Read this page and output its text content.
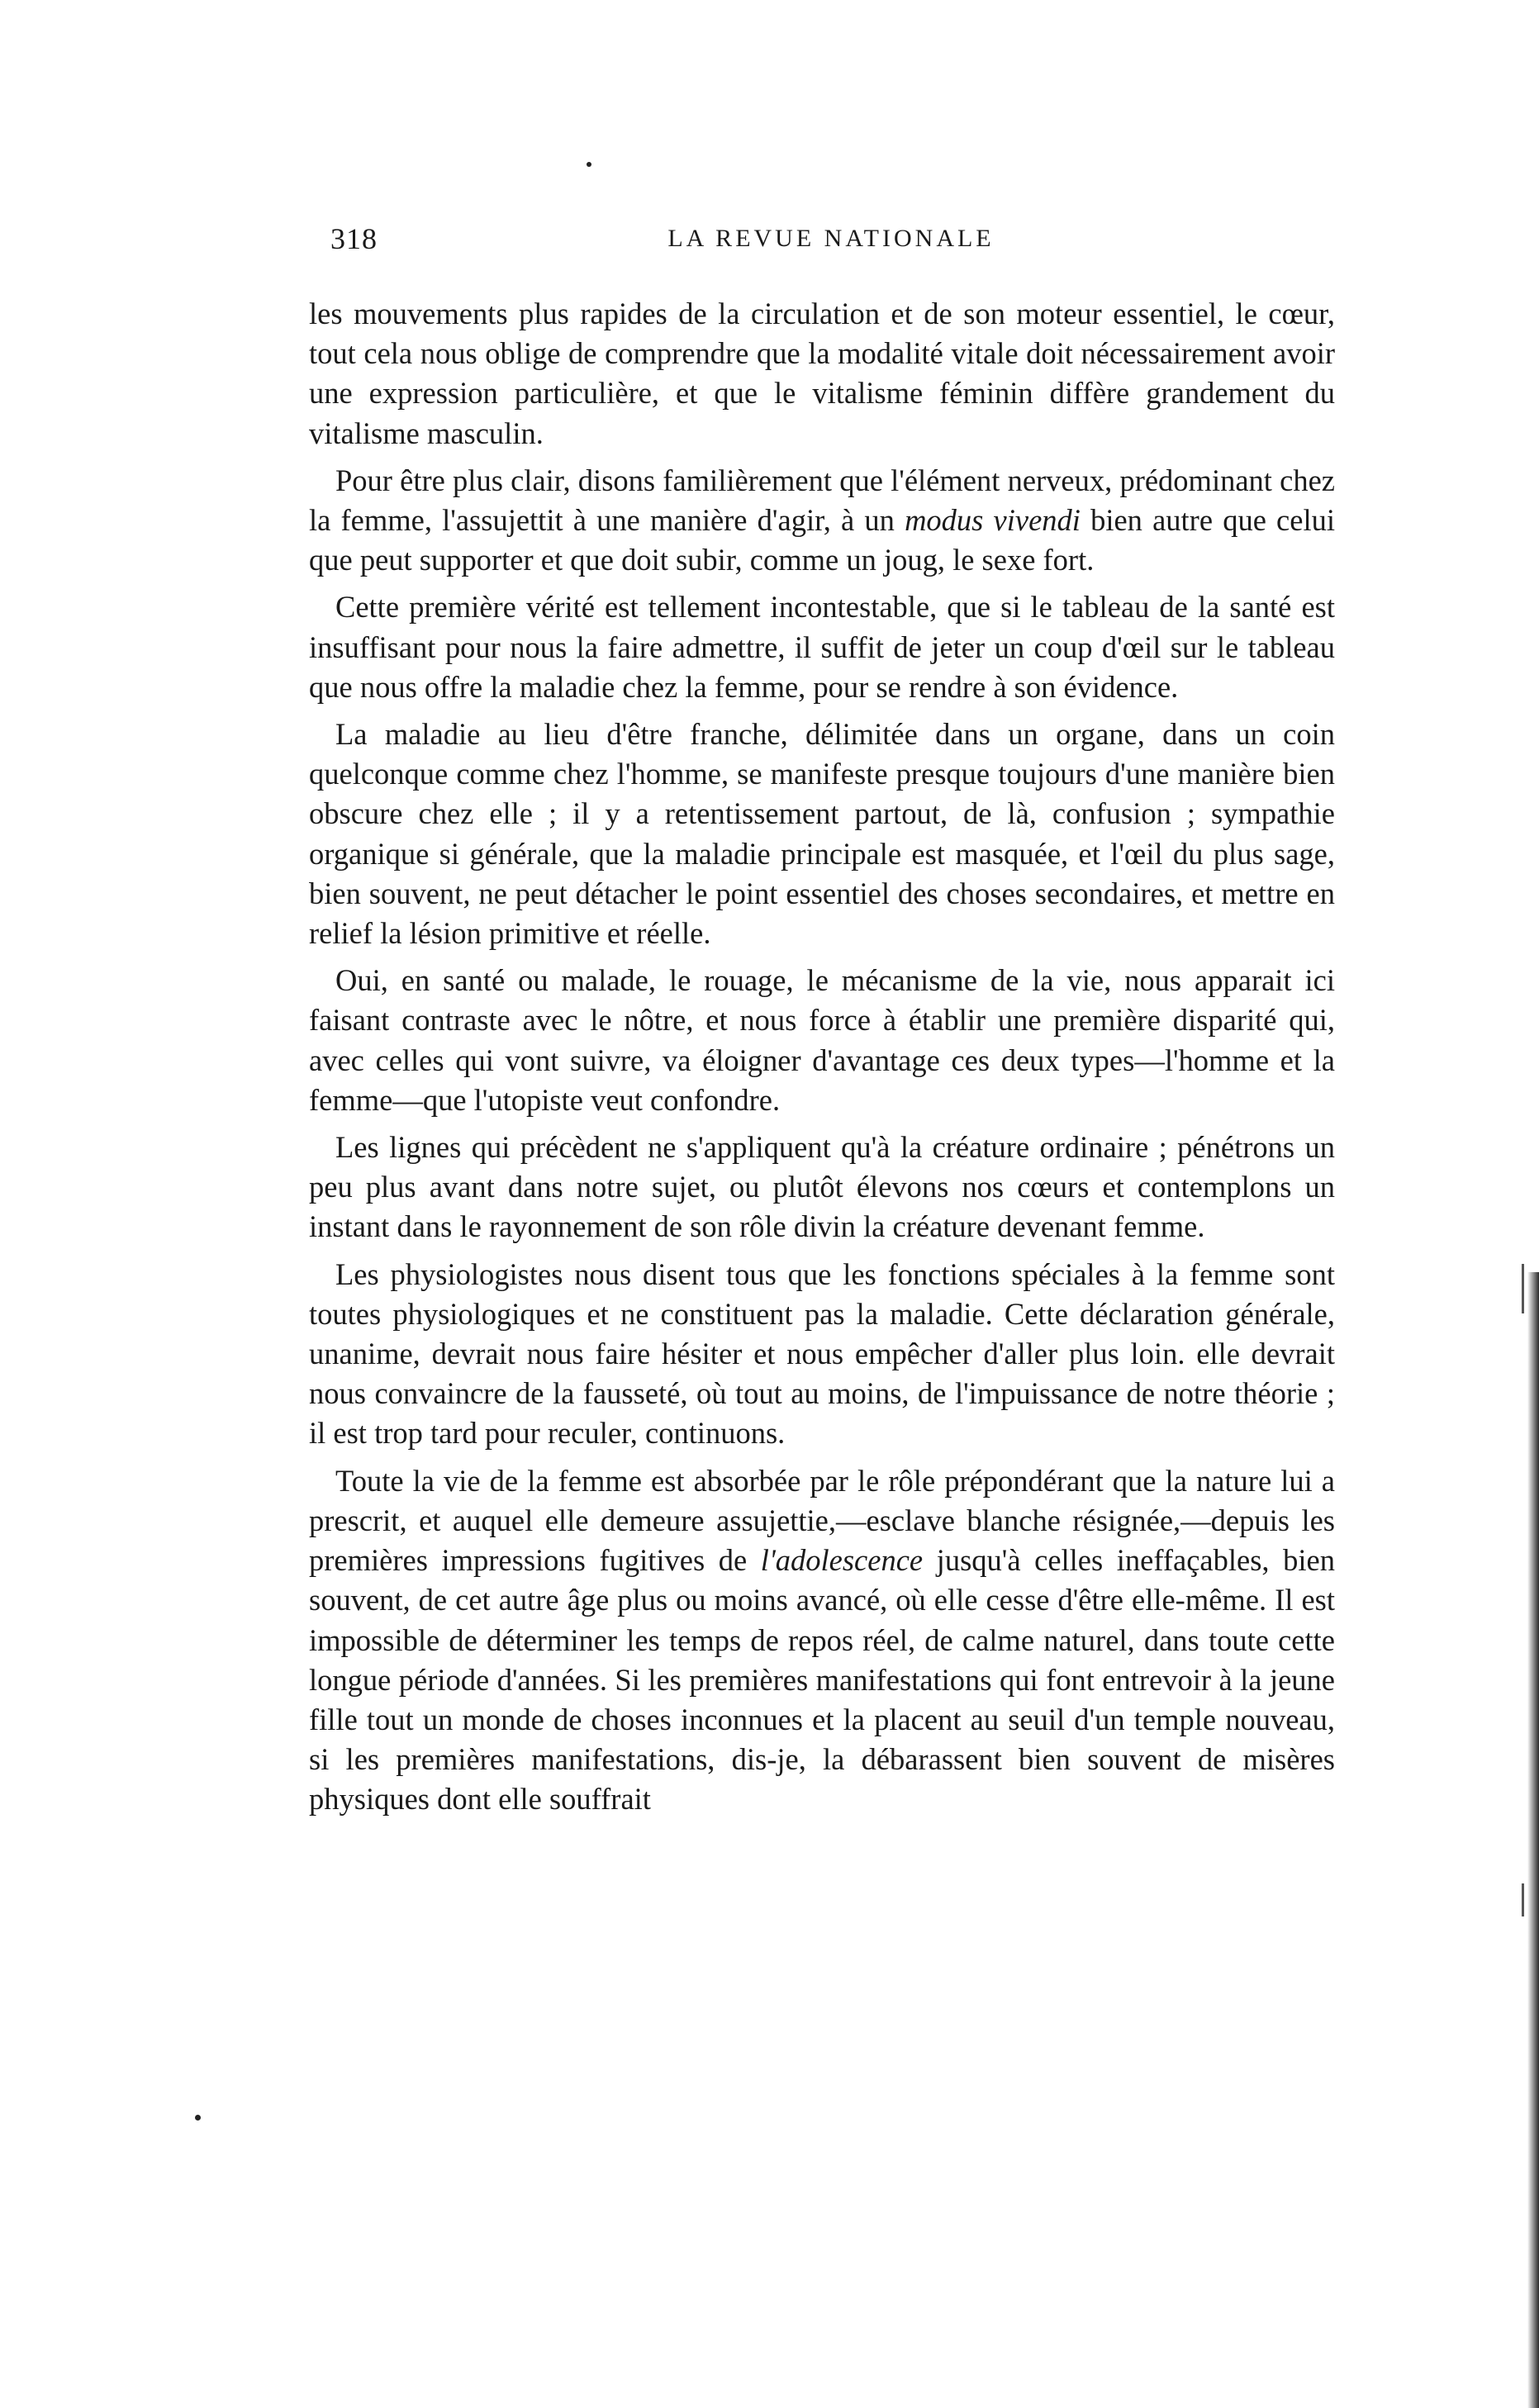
318	LA REVUE NATIONALE

les mouvements plus rapides de la circulation et de son moteur essentiel, le cœur, tout cela nous oblige de comprendre que la modalité vitale doit nécessairement avoir une expression particulière, et que le vitalisme féminin diffère grandement du vitalisme masculin.

Pour être plus clair, disons familièrement que l'élément nerveux, prédominant chez la femme, l'assujettit à une manière d'agir, à un modus vivendi bien autre que celui que peut supporter et que doit subir, comme un joug, le sexe fort.

Cette première vérité est tellement incontestable, que si le tableau de la santé est insuffisant pour nous la faire admettre, il suffit de jeter un coup d'œil sur le tableau que nous offre la maladie chez la femme, pour se rendre à son évidence.

La maladie au lieu d'être franche, délimitée dans un organe, dans un coin quelconque comme chez l'homme, se manifeste presque toujours d'une manière bien obscure chez elle ; il y a retentissement partout, de là, confusion ; sympathie organique si générale, que la maladie principale est masquée, et l'œil du plus sage, bien souvent, ne peut détacher le point essentiel des choses secondaires, et mettre en relief la lésion primitive et réelle.

Oui, en santé ou malade, le rouage, le mécanisme de la vie, nous apparait ici faisant contraste avec le nôtre, et nous force à établir une première disparité qui, avec celles qui vont suivre, va éloigner d'avantage ces deux types—l'homme et la femme—que l'utopiste veut confondre.

Les lignes qui précèdent ne s'appliquent qu'à la créature ordinaire ; pénétrons un peu plus avant dans notre sujet, ou plutôt élevons nos cœurs et contemplons un instant dans le rayonnement de son rôle divin la créature devenant femme.

Les physiologistes nous disent tous que les fonctions spéciales à la femme sont toutes physiologiques et ne constituent pas la maladie. Cette déclaration générale, unanime, devrait nous faire hésiter et nous empêcher d'aller plus loin. elle devrait nous convaincre de la fausseté, où tout au moins, de l'impuissance de notre théorie ; il est trop tard pour reculer, continuons.

Toute la vie de la femme est absorbée par le rôle prépondérant que la nature lui a prescrit, et auquel elle demeure assujettie,—esclave blanche résignée,—depuis les premières impressions fugitives de l'adolescence jusqu'à celles ineffaçables, bien souvent, de cet autre âge plus ou moins avancé, où elle cesse d'être elle-même. Il est impossible de déterminer les temps de repos réel, de calme naturel, dans toute cette longue période d'années. Si les premières manifestations qui font entrevoir à la jeune fille tout un monde de choses inconnues et la placent au seuil d'un temple nouveau, si les premières manifestations, dis-je, la débarassent bien souvent de misères physiques dont elle souffrait
